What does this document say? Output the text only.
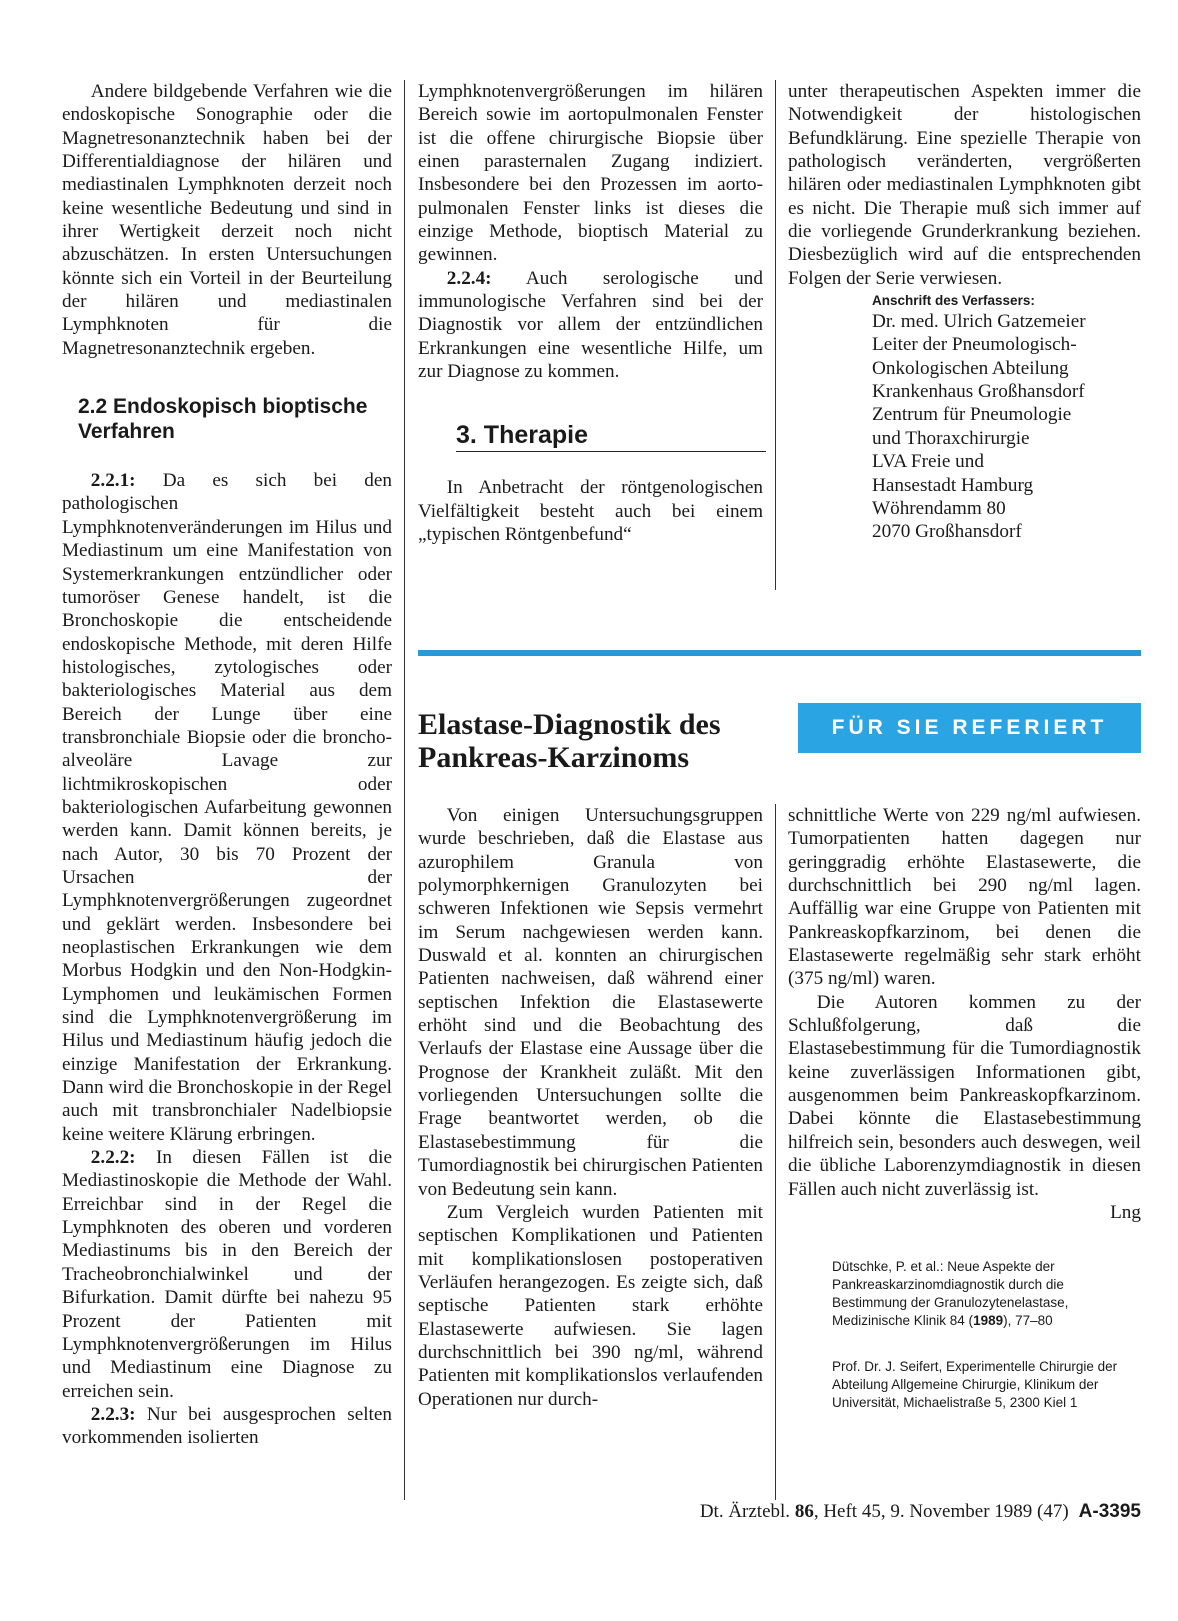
Andere bildgebende Verfahren wie die endoskopische Sonographie oder die Magnetresonanztechnik haben bei der Differentialdiagnose der hilären und mediastinalen Lymphknoten derzeit noch keine wesentliche Bedeutung und sind in ihrer Wertigkeit derzeit noch nicht abzuschätzen. In ersten Untersuchungen könnte sich ein Vorteil in der Beurteilung der hilären und mediastinalen Lymphknoten für die Magnetresonanztechnik ergeben.

2.2 Endoskopisch bioptische Verfahren

2.2.1: Da es sich bei den pathologischen Lymphknotenveränderungen im Hilus und Mediastinum um eine Manifestation von Systemerkrankungen entzündlicher oder tumoröser Genese handelt, ist die Bronchoskopie die entscheidende endoskopische Methode, mit deren Hilfe histologisches, zytologisches oder bakteriologisches Material aus dem Bereich der Lunge über eine transbronchiale Biopsie oder die broncho-alveoläre Lavage zur lichtmikroskopischen oder bakteriologischen Aufarbeitung gewonnen werden kann. Damit können bereits, je nach Autor, 30 bis 70 Prozent der Ursachen der Lymphknotenvergrößerungen zugeordnet und geklärt werden. Insbesondere bei neoplastischen Erkrankungen wie dem Morbus Hodgkin und den Non-Hodgkin-Lymphomen und leukämischen Formen sind die Lymphknotenvergrößerung im Hilus und Mediastinum häufig jedoch die einzige Manifestation der Erkrankung. Dann wird die Bronchoskopie in der Regel auch mit transbronchialer Nadelbiopsie keine weitere Klärung erbringen.

2.2.2: In diesen Fällen ist die Mediastinoskopie die Methode der Wahl. Erreichbar sind in der Regel die Lymphknoten des oberen und vorderen Mediastinums bis in den Bereich der Tracheobronchialwinkel und der Bifurkation. Damit dürfte bei nahezu 95 Prozent der Patienten mit Lymphknotenvergrößerungen im Hilus und Mediastinum eine Diagnose zu erreichen sein.

2.2.3: Nur bei ausgesprochen selten vorkommenden isolierten

Lymphknotenvergrößerungen im hilären Bereich sowie im aortopulmonalen Fenster ist die offene chirurgische Biopsie über einen parasternalen Zugang indiziert. Insbesondere bei den Prozessen im aorto-pulmonalen Fenster links ist dieses die einzige Methode, bioptisch Material zu gewinnen.

2.2.4: Auch serologische und immunologische Verfahren sind bei der Diagnostik vor allem der entzündlichen Erkrankungen eine wesentliche Hilfe, um zur Diagnose zu kommen.

3. Therapie

In Anbetracht der röntgenologischen Vielfältigkeit besteht auch bei einem „typischen Röntgenbefund“

unter therapeutischen Aspekten immer die Notwendigkeit der histologischen Befundklärung. Eine spezielle Therapie von pathologisch veränderten, vergrößerten hilären oder mediastinalen Lymphknoten gibt es nicht. Die Therapie muß sich immer auf die vorliegende Grunderkrankung beziehen. Diesbezüglich wird auf die entsprechenden Folgen der Serie verwiesen.

Anschrift des Verfassers:
Dr. med. Ulrich Gatzemeier
Leiter der Pneumologisch-
Onkologischen Abteilung
Krankenhaus Großhansdorf
Zentrum für Pneumologie
und Thoraxchirurgie
LVA Freie und
Hansestadt Hamburg
Wöhrendamm 80
2070 Großhansdorf
Elastase-Diagnostik des
Pankreas-Karzinoms
FÜR SIE REFERIERT

Von einigen Untersuchungsgruppen wurde beschrieben, daß die Elastase aus azurophilem Granula von polymorphkernigen Granulozyten bei schweren Infektionen wie Sepsis vermehrt im Serum nachgewiesen werden kann. Duswald et al. konnten an chirurgischen Patienten nachweisen, daß während einer septischen Infektion die Elastasewerte erhöht sind und die Beobachtung des Verlaufs der Elastase eine Aussage über die Prognose der Krankheit zuläßt. Mit den vorliegenden Untersuchungen sollte die Frage beantwortet werden, ob die Elastasebestimmung für die Tumordiagnostik bei chirurgischen Patienten von Bedeutung sein kann.

Zum Vergleich wurden Patienten mit septischen Komplikationen und Patienten mit komplikationslosen postoperativen Verläufen herangezogen. Es zeigte sich, daß septische Patienten stark erhöhte Elastasewerte aufwiesen. Sie lagen durchschnittlich bei 390 ng/ml, während Patienten mit komplikationslos verlaufenden Operationen nur durch-

schnittliche Werte von 229 ng/ml aufwiesen. Tumorpatienten hatten dagegen nur geringgradig erhöhte Elastasewerte, die durchschnittlich bei 290 ng/ml lagen. Auffällig war eine Gruppe von Patienten mit Pankreaskopfkarzinom, bei denen die Elastasewerte regelmäßig sehr stark erhöht (375 ng/ml) waren.

Die Autoren kommen zu der Schlußfolgerung, daß die Elastasebestimmung für die Tumordiagnostik keine zuverlässigen Informationen gibt, ausgenommen beim Pankreaskopfkarzinom. Dabei könnte die Elastasebestimmung hilfreich sein, besonders auch deswegen, weil die übliche Laborenzymdiagnostik in diesen Fällen auch nicht zuverlässig ist.

Lng
Dütschke, P. et al.: Neue Aspekte der Pankreaskarzinomdiagnostik durch die Bestimmung der Granulozytenelastase, Medizinische Klinik 84 (1989), 77–80
Prof. Dr. J. Seifert, Experimentelle Chirurgie der Abteilung Allgemeine Chirurgie, Klinikum der Universität, Michaelistraße 5, 2300 Kiel 1
Dt. Ärztebl. 86, Heft 45, 9. November 1989 (47) A-3395
